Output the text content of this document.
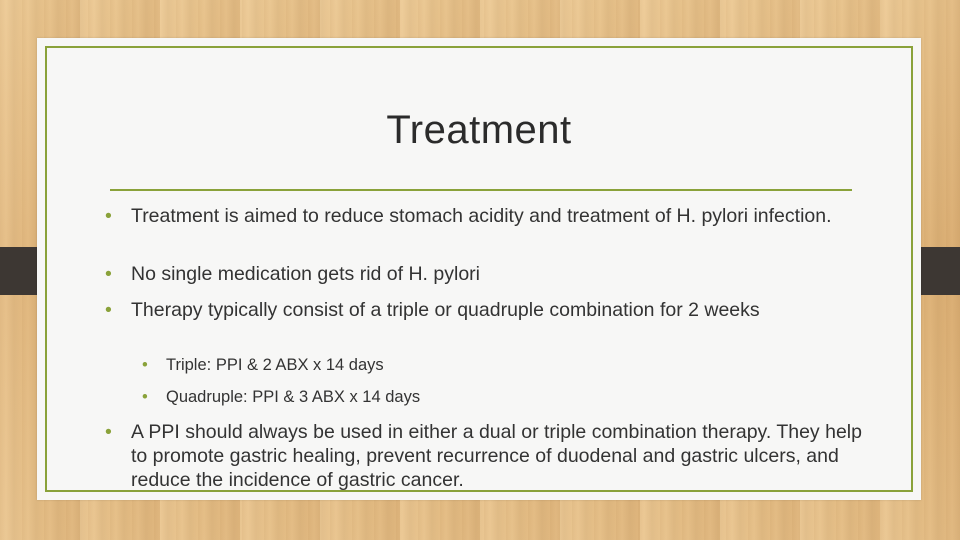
Treatment
• Treatment is aimed to reduce stomach acidity and treatment of H. pylori infection.
• No single medication gets rid of H. pylori
• Therapy typically consist of a triple or quadruple combination for 2 weeks
• Triple: PPI & 2 ABX x 14 days
• Quadruple: PPI & 3 ABX x 14 days
• A PPI should always be used in either a dual or triple combination therapy. They help to promote gastric healing, prevent recurrence of duodenal and gastric ulcers, and reduce the incidence of gastric cancer.
